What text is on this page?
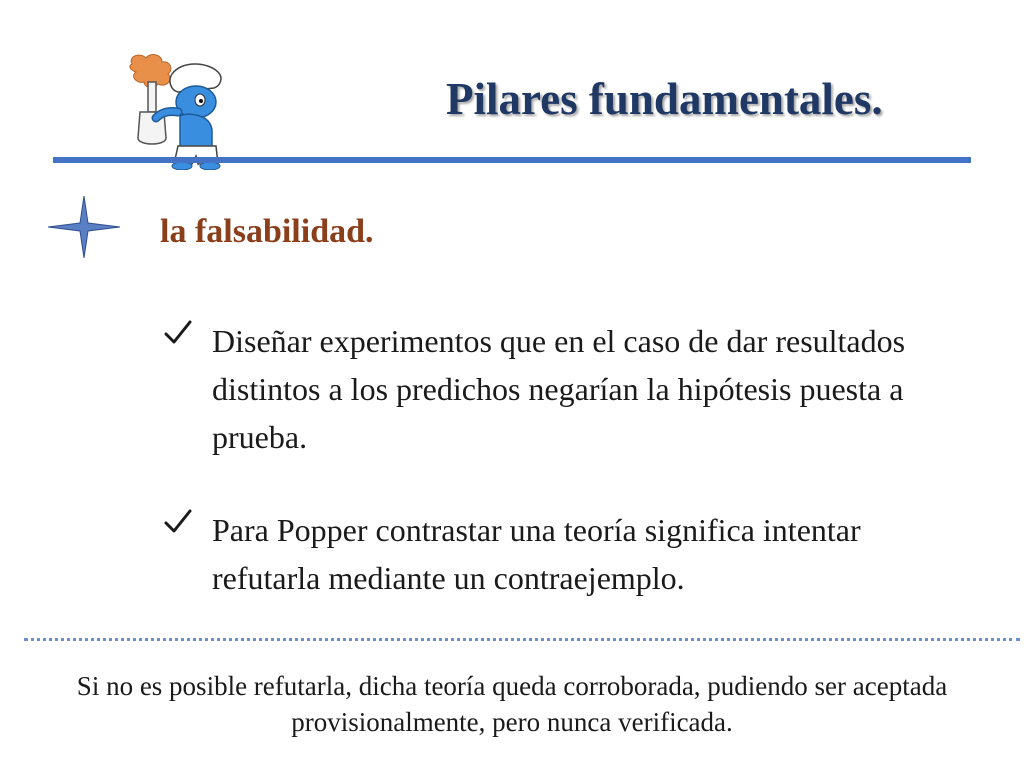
Pilares fundamentales.
la falsabilidad.

Diseñar experimentos que en el caso de dar resultados distintos a los predichos negarían la hipótesis puesta a prueba.

Para Popper contrastar una teoría significa intentar refutarla mediante un contraejemplo.

Si no es posible refutarla, dicha teoría queda corroborada, pudiendo ser aceptada provisionalmente, pero nunca verificada.
